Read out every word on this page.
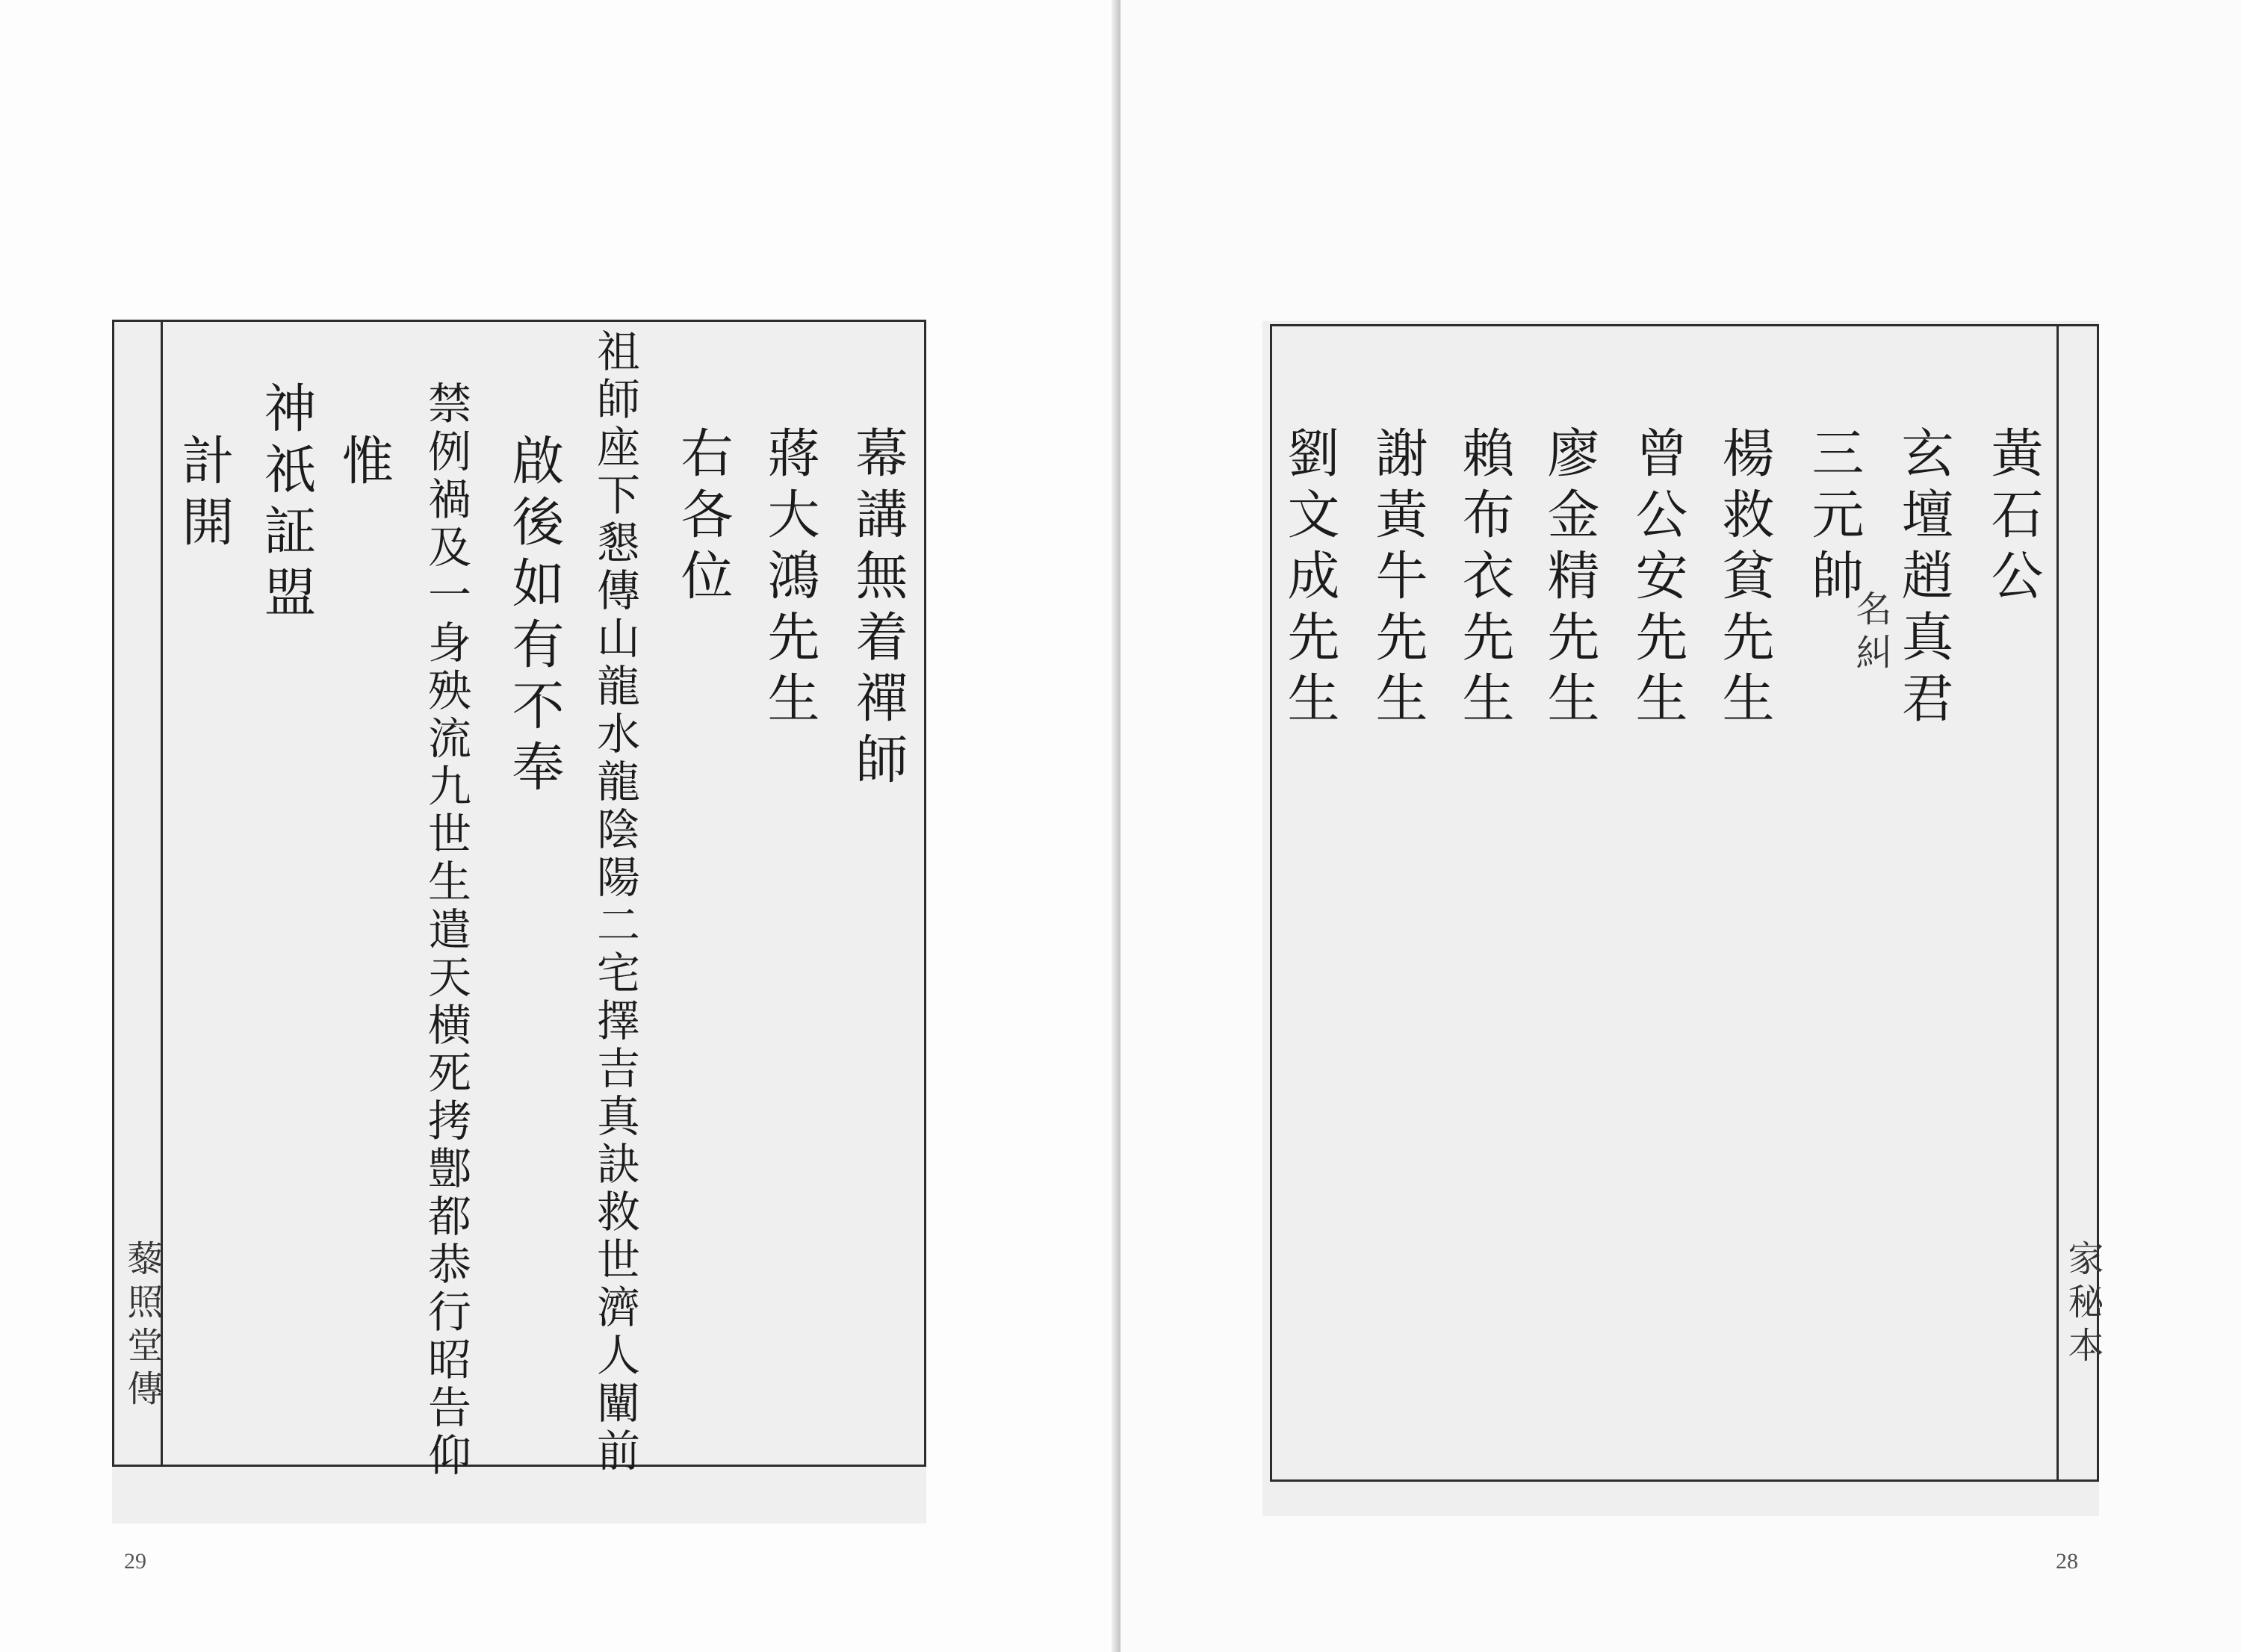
幕講無着禪師
蔣大鴻先生
右各位
祖師座下懇傳山龍水龍陰陽二宅擇吉真訣救世濟人闡前
啟後如有不奉
禁例禍及一身殃流九世生遣天横死拷鄷都恭行昭告仰
惟
神祇証盟
計開
藜照堂傳
29
黃石公
玄壇趙真君
三元帥
名糾
楊救貧先生
曾公安先生
廖金精先生
賴布衣先生
謝黃牛先生
劉文成先生
家秘本
28
